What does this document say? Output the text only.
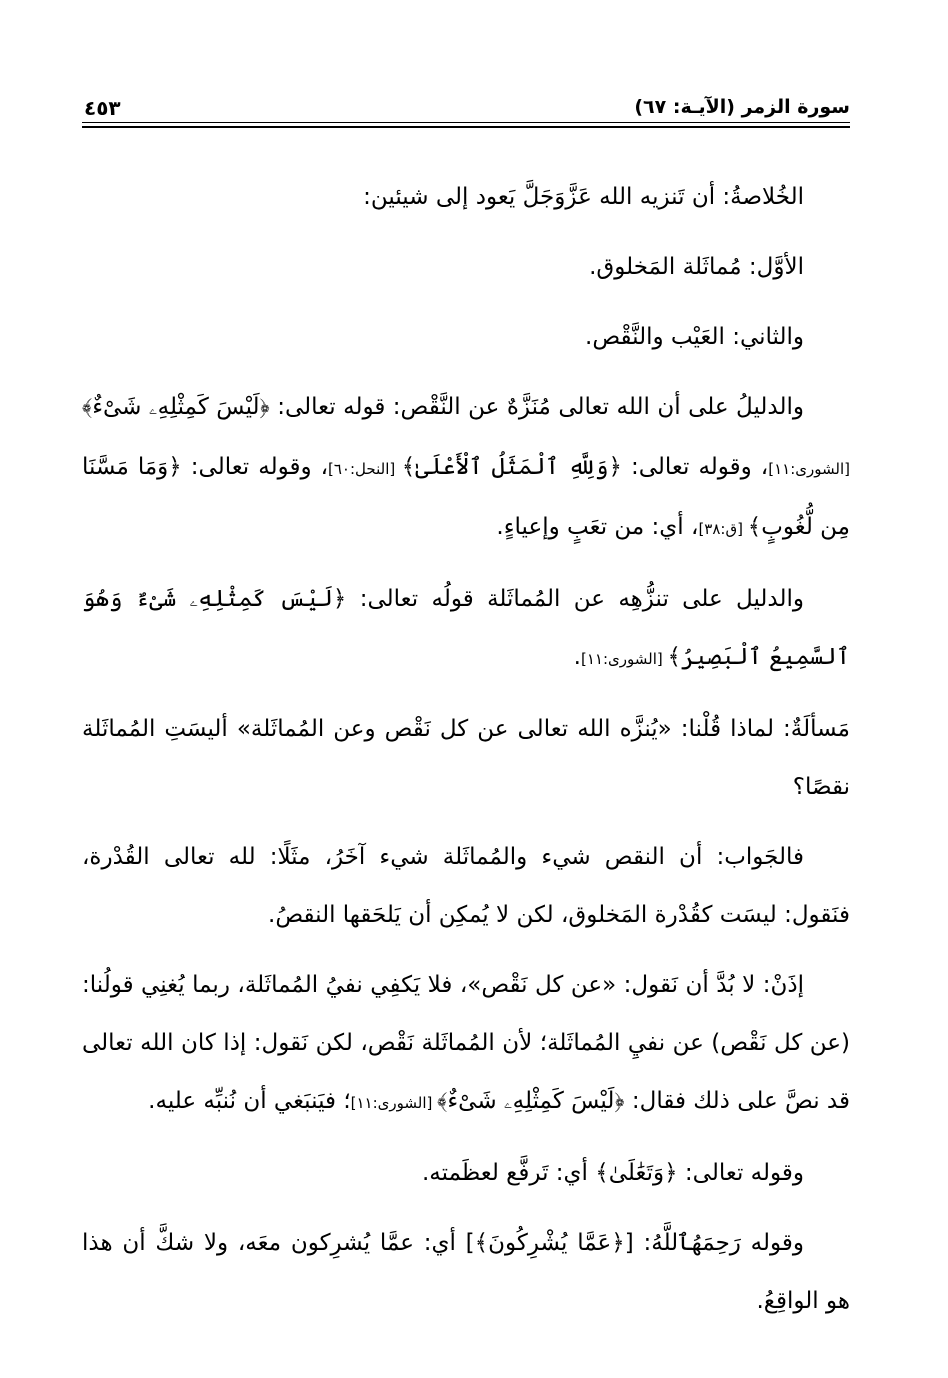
سورة الزمر (الآيـة: ٦٧)
٤٥٣

الخُلاصةُ: أن تَنزيه الله عَزَّوَجَلَّ يَعود إلى شيئين:

الأوَّل: مُماثَلة المَخلوق.

والثاني: العَيْب والنَّقْص.

والدليلُ على أن الله تعالى مُنَزَّهٌ عن النَّقْص: قوله تعالى: ﴿لَيْسَ كَمِثْلِهِۦ شَىْءٌ﴾ [الشورى:١١]، وقوله تعالى: ﴿وَلِلَّهِ ٱلْمَثَلُ ٱلْأَعْلَىٰ﴾ [النحل:٦٠]، وقوله تعالى: ﴿وَمَا مَسَّنَا مِن لُّغُوبٍ﴾ [ق:٣٨]، أي: من تعَبٍ وإعياءٍ.

والدليل على تنزُّهِه عن المُماثَلة قولُه تعالى: ﴿لَيْسَ كَمِثْلِهِۦ شَىْءٌ وَهُوَ ٱلسَّمِيعُ ٱلْبَصِيرُ﴾ [الشورى:١١].

مَسألَةٌ: لماذا قُلْنا: «يُنزَّه الله تعالى عن كل نَقْص وعن المُماثَلة» أليسَتِ المُماثَلة نقصًا؟

فالجَواب: أن النقص شيء والمُماثَلة شيء آخَرُ، مثَلًا: لله تعالى القُدْرة، فنَقول: ليسَت كقُدْرة المَخلوق، لكن لا يُمكِن أن يَلحَقها النقصُ.

إذَنْ: لا بُدَّ أن نَقول: «عن كل نَقْص»، فلا يَكفِي نفيُ المُماثَلة، ربما يُغنِي قولُنا: (عن كل نَقْص) عن نفيِ المُماثَلة؛ لأن المُماثَلة نَقْص، لكن نَقول: إذا كان الله تعالى قد نصَّ على ذلك فقال: ﴿لَيْسَ كَمِثْلِهِۦ شَىْءٌ﴾ [الشورى:١١]؛ فيَنبَغي أن نُنبِّه عليه.

وقوله تعالى: ﴿وَتَعَٰلَىٰ﴾ أي: تَرفَّع لعظَمته.

وقوله رَحِمَهُٱللَّهُ: [﴿عَمَّا يُشْرِكُونَ﴾] أي: عمَّا يُشرِكون معَه، ولا شكَّ أن هذا هو الواقِعُ.
